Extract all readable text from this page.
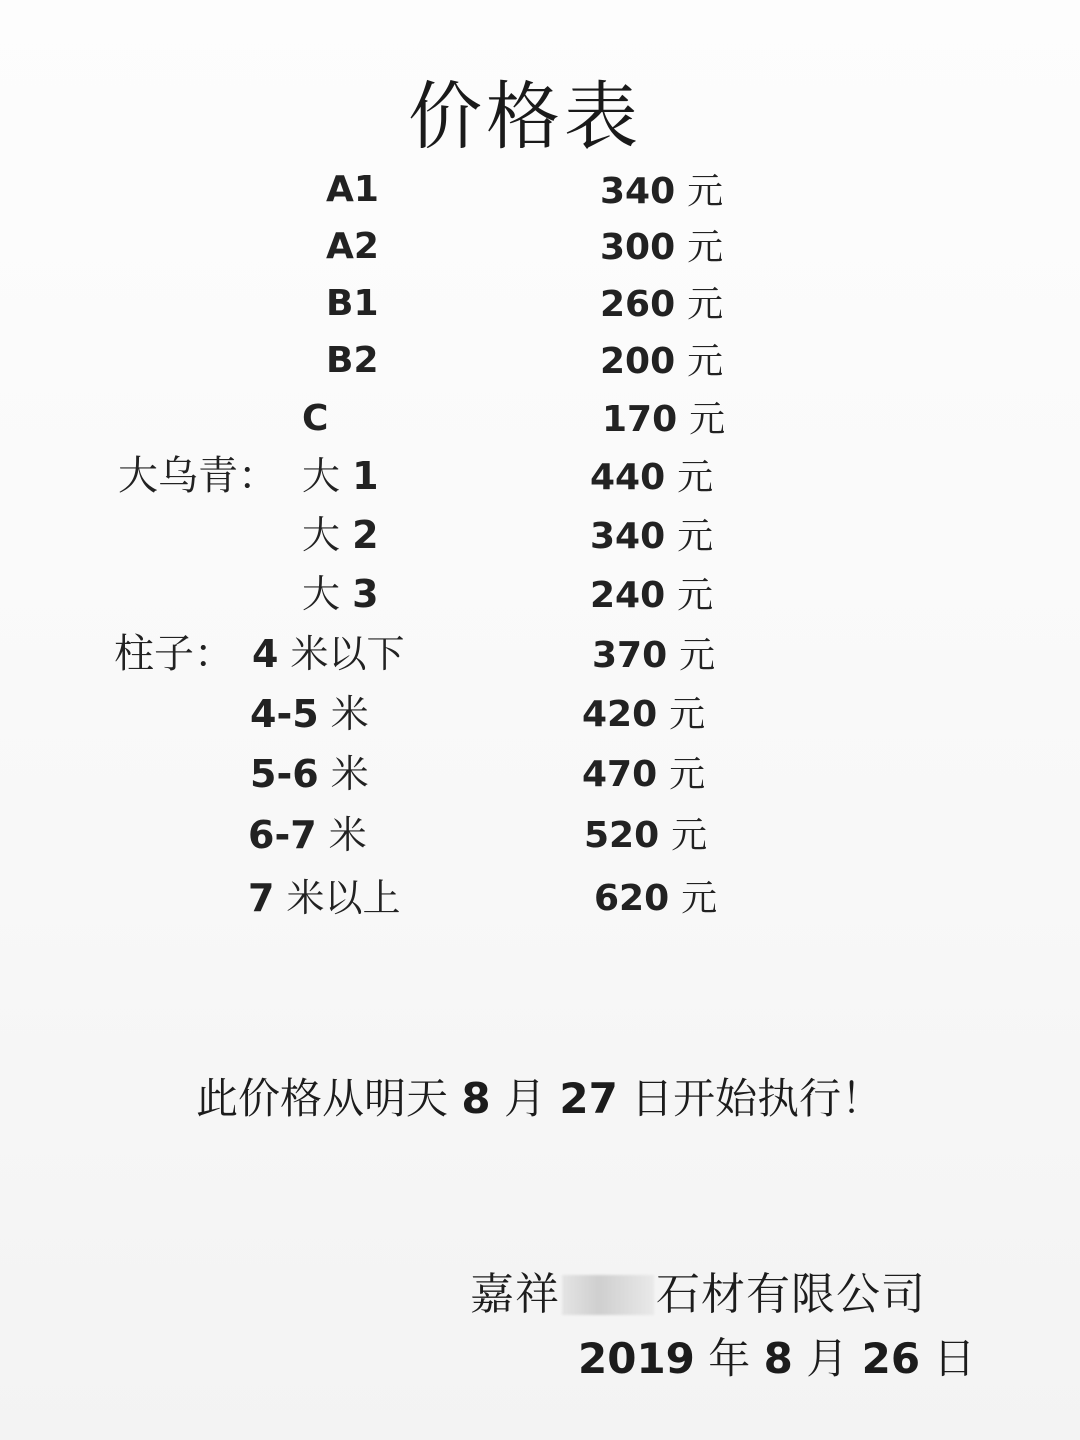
价格表
A1	340 元
A2	300 元
B1	260 元
B2	200 元
C	170 元
大乌青： 大 1	440 元
大 2	340 元
大 3	240 元
柱子： 4 米以下	370 元
4-5 米	420 元
5-6 米	470 元
6-7 米	520 元
7 米以上	620 元
此价格从明天 8 月 27 日开始执行！
嘉祥 石材有限公司
2019 年 8 月 26 日
